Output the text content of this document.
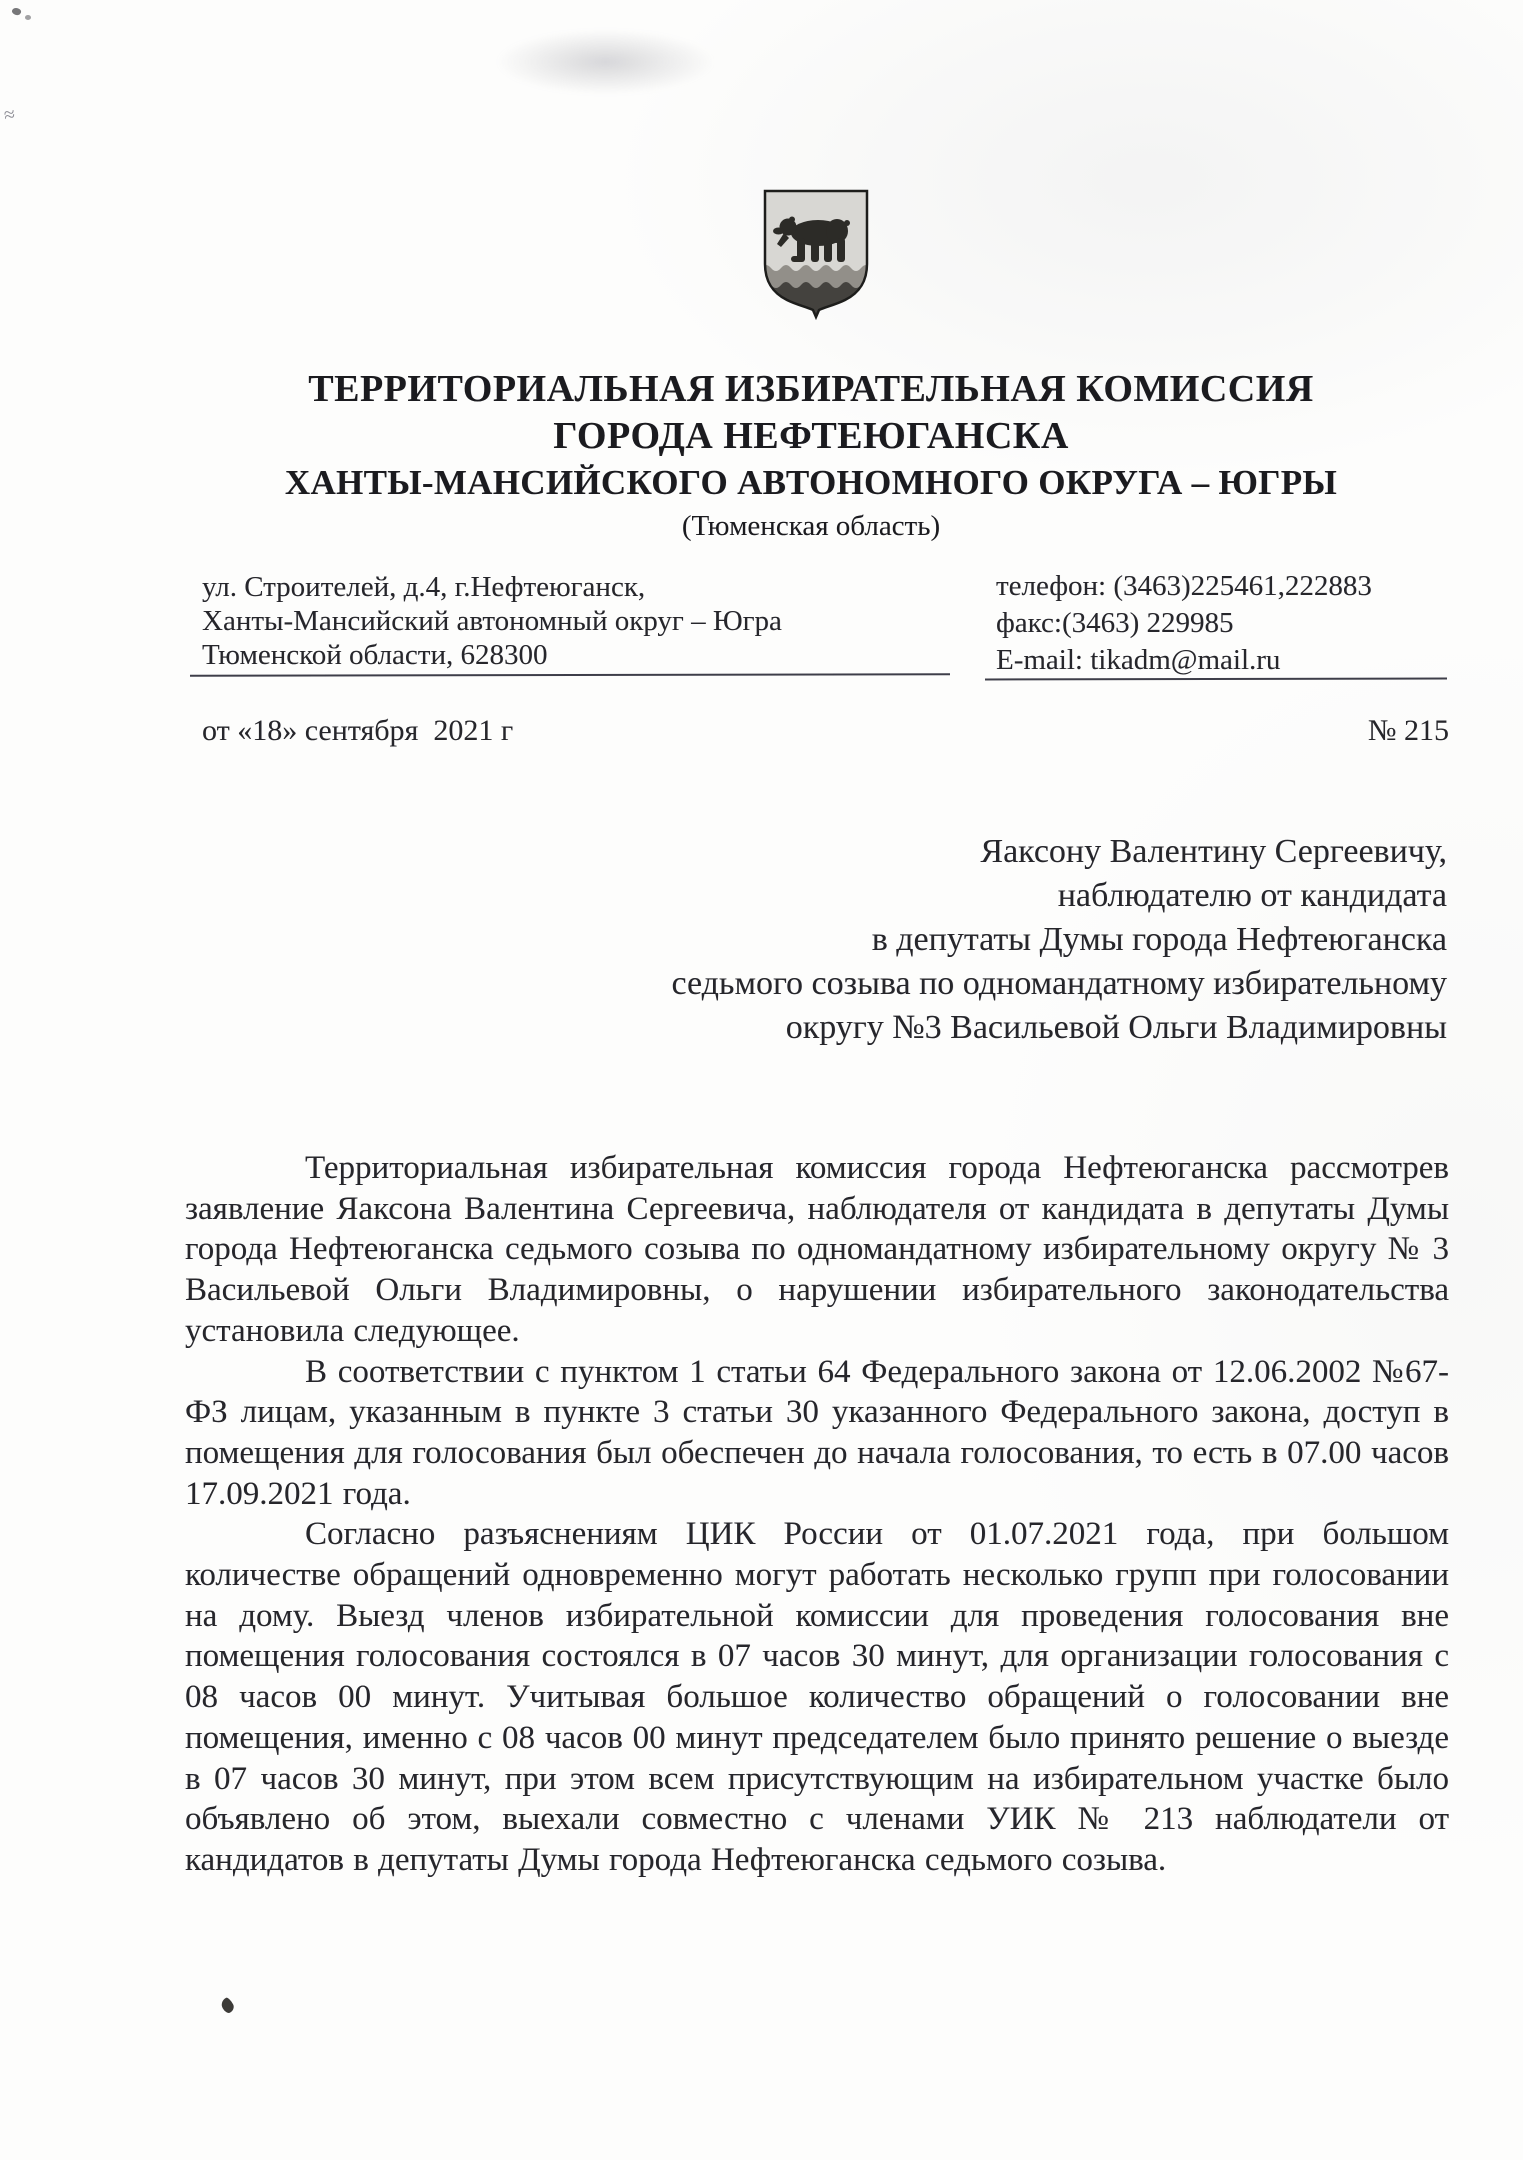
≈
ТЕРРИТОРИАЛЬНАЯ ИЗБИРАТЕЛЬНАЯ КОМИССИЯ
ГОРОДА НЕФТЕЮГАНСКА
ХАНТЫ-МАНСИЙСКОГО АВТОНОМНОГО ОКРУГА – ЮГРЫ
(Тюменская область)
ул. Строителей, д.4, г.Нефтеюганск,
Ханты-Мансийский автономный округ – Югра
Тюменской области, 628300
телефон: (3463)225461,222883
факс:(3463) 229985
E-mail: tikadm@mail.ru
от «18» сентября  2021 г	№ 215
Яаксону Валентину Сергеевичу,
наблюдателю от кандидата
в депутаты Думы города Нефтеюганска
седьмого созыва по одномандатному избирательному
округу №3 Васильевой Ольги Владимировны

Территориальная избирательная комиссия города Нефтеюганска рассмотрев заявление Яаксона Валентина Сергеевича, наблюдателя от кандидата в депутаты Думы города Нефтеюганска седьмого созыва по одномандатному избирательному округу № 3 Васильевой Ольги Владимировны, о нарушении избирательного законодательства установила следующее.

В соответствии с пунктом 1 статьи 64 Федерального закона от 12.06.2002 №67-ФЗ лицам, указанным в пункте 3 статьи 30 указанного Федерального закона, доступ в помещения для голосования был обеспечен до начала голосования, то есть в 07.00 часов 17.09.2021 года.

Согласно разъяснениям ЦИК России от 01.07.2021 года, при большом количестве обращений одновременно могут работать несколько групп при голосовании на дому. Выезд членов избирательной комиссии для проведения голосования вне помещения голосования состоялся в 07 часов 30 минут, для организации голосования с 08 часов 00 минут. Учитывая большое количество обращений о голосовании вне помещения, именно с 08 часов 00 минут председателем было принято решение о выезде в 07 часов 30 минут, при этом всем присутствующим на избирательном участке было объявлено об этом, выехали совместно с членами УИК № 213 наблюдатели от кандидатов в депутаты Думы города Нефтеюганска седьмого созыва.
